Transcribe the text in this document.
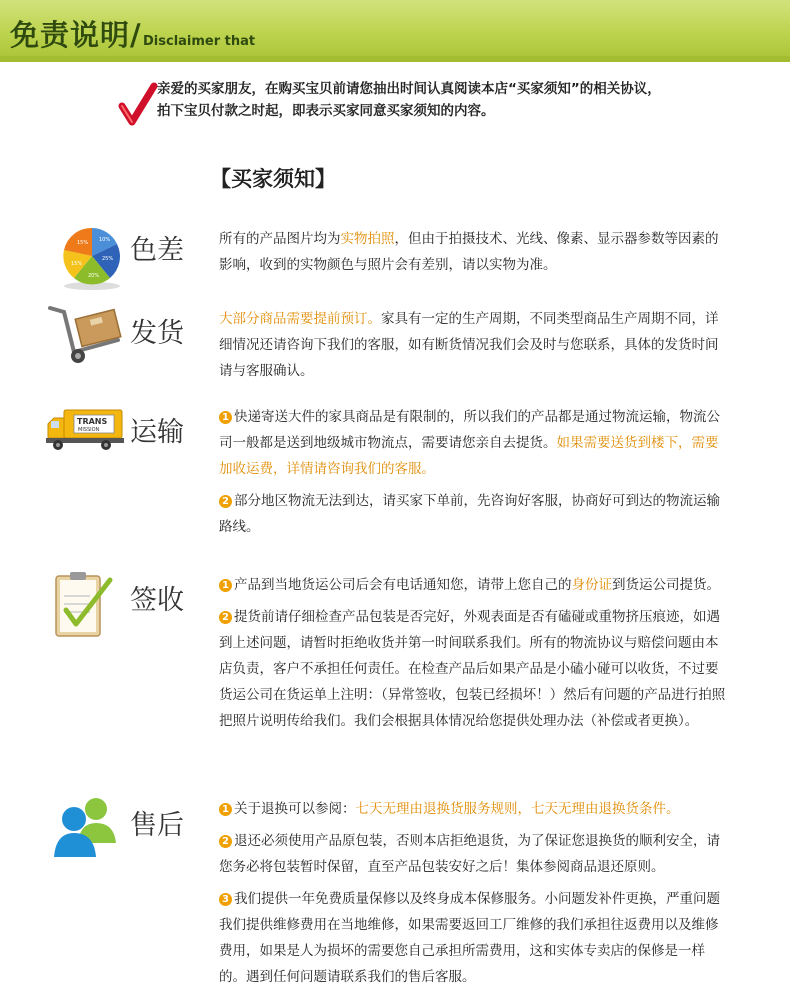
免责说明/ Disclaimer that
亲爱的买家朋友，在购买宝贝前请您抽出时间认真阅读本店“买家须知”的相关协议，
拍下宝贝付款之时起，即表示买家同意买家须知的内容。
【买家须知】
10%
25%
20%
15%
15% 色差	所有的产品图片均为实物拍照，但由于拍摄技术、光线、像素、显示器参数等因素的影响，收到的实物颜色与照片会有差别，请以实物为准。

发货	大部分商品需要提前预订。家具有一定的生产周期，不同类型商品生产周期不同，详细情况还请咨询下我们的客服，如有断货情况我们会及时与您联系，具体的发货时间请与客服确认。

TRANS
MISSION 运输	1 快递寄送大件的家具商品是有限制的，所以我们的产品都是通过物流运输，物流公司一般都是送到地级城市物流点，需要请您亲自去提货。如果需要送货到楼下，需要加收运费，详情请咨询我们的客服。

2 部分地区物流无法到达，请买家下单前，先咨询好客服，协商好可到达的物流运输路线。

签收	1 产品到当地货运公司后会有电话通知您，请带上您自己的身份证到货运公司提货。

2 提货前请仔细检查产品包装是否完好，外观表面是否有磕碰或重物挤压痕迹，如遇到上述问题，请暂时拒绝收货并第一时间联系我们。所有的物流协议与赔偿问题由本店负责，客户不承担任何责任。在检查产品后如果产品是小磕小碰可以收货，不过要货运公司在货运单上注明：（异常签收，包装已经损坏！）然后有问题的产品进行拍照把照片说明传给我们。我们会根据具体情况给您提供处理办法（补偿或者更换）。

售后

1 关于退换可以参阅：七天无理由退换货服务规则，七天无理由退换货条件。

2 退还必须使用产品原包装，否则本店拒绝退货，为了保证您退换货的顺利安全，请您务必将包装暂时保留，直至产品包装安好之后！集体参阅商品退还原则。

3 我们提供一年免费质量保修以及终身成本保修服务。小问题发补件更换，严重问题我们提供维修费用在当地维修，如果需要返回工厂维修的我们承担往返费用以及维修费用，如果是人为损坏的需要您自己承担所需费用，这和实体专卖店的保修是一样的。遇到任何问题请联系我们的售后客服。
